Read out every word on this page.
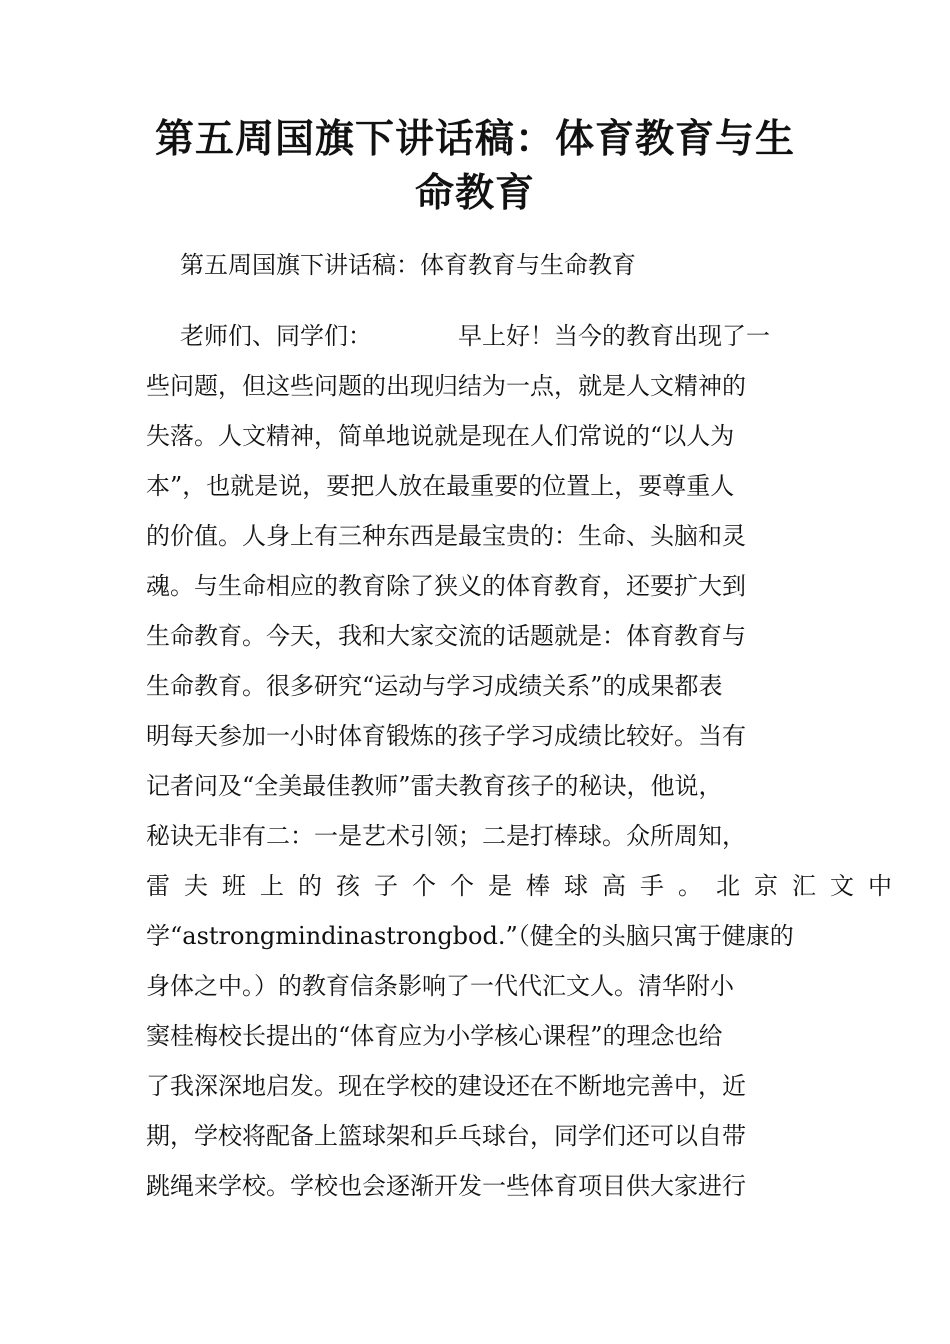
第五周国旗下讲话稿：体育教育与生命教育
第五周国旗下讲话稿：体育教育与生命教育
老师们、同学们：	早上好！当今的教育出现了一
些问题，但这些问题的出现归结为一点，就是人文精神的
失落。人文精神，简单地说就是现在人们常说的“以人为
本”，也就是说，要把人放在最重要的位置上，要尊重人
的价值。人身上有三种东西是最宝贵的：生命、头脑和灵
魂。与生命相应的教育除了狭义的体育教育，还要扩大到
生命教育。今天，我和大家交流的话题就是：体育教育与
生命教育。很多研究“运动与学习成绩关系”的成果都表
明每天参加一小时体育锻炼的孩子学习成绩比较好。当有
记者问及“全美最佳教师”雷夫教育孩子的秘诀，他说，
秘诀无非有二：一是艺术引领；二是打棒球。众所周知，
雷夫班上的孩子个个是棒球高手。北京汇文中
学“astrongmindinastrongbod.”（健全的头脑只寓于健康的
身体之中。）的教育信条影响了一代代汇文人。清华附小
窦桂梅校长提出的“体育应为小学核心课程”的理念也给
了我深深地启发。现在学校的建设还在不断地完善中，近
期，学校将配备上篮球架和乒乓球台，同学们还可以自带
跳绳来学校。学校也会逐渐开发一些体育项目供大家进行
